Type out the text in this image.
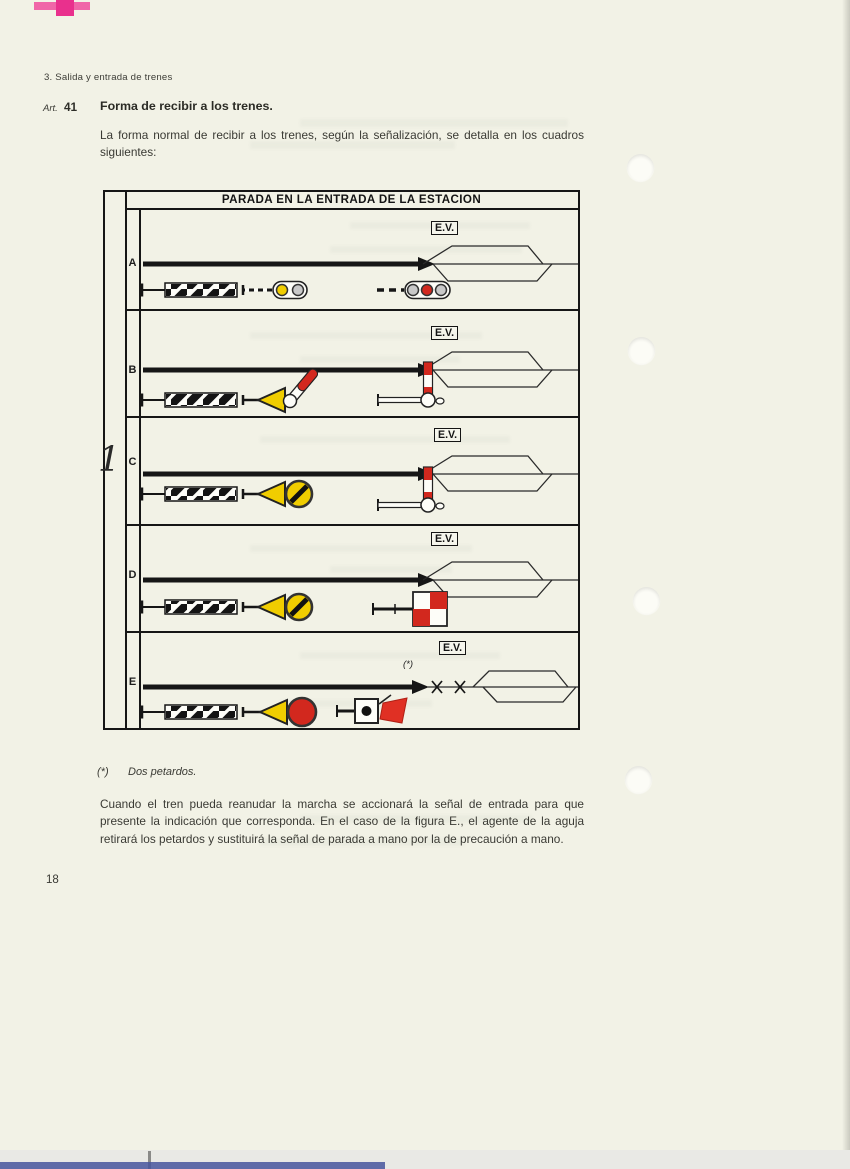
3. Salida y entrada de trenes
Art. 41 Forma de recibir a los trenes.
La forma normal de recibir a los trenes, según la señalización, se detalla en los cuadros siguientes:
PARADA EN LA ENTRADA DE LA ESTACION
A
B
C
D
E
1
E.V.
E.V.
E.V.
E.V.
E.V.
(*)
(*) Dos petardos.
Cuando el tren pueda reanudar la marcha se accionará la señal de entrada para que presente la indicación que corresponda. En el caso de la figura E., el agente de la aguja retirará los petardos y sustituirá la señal de parada a mano por la de precaución a mano.
18
